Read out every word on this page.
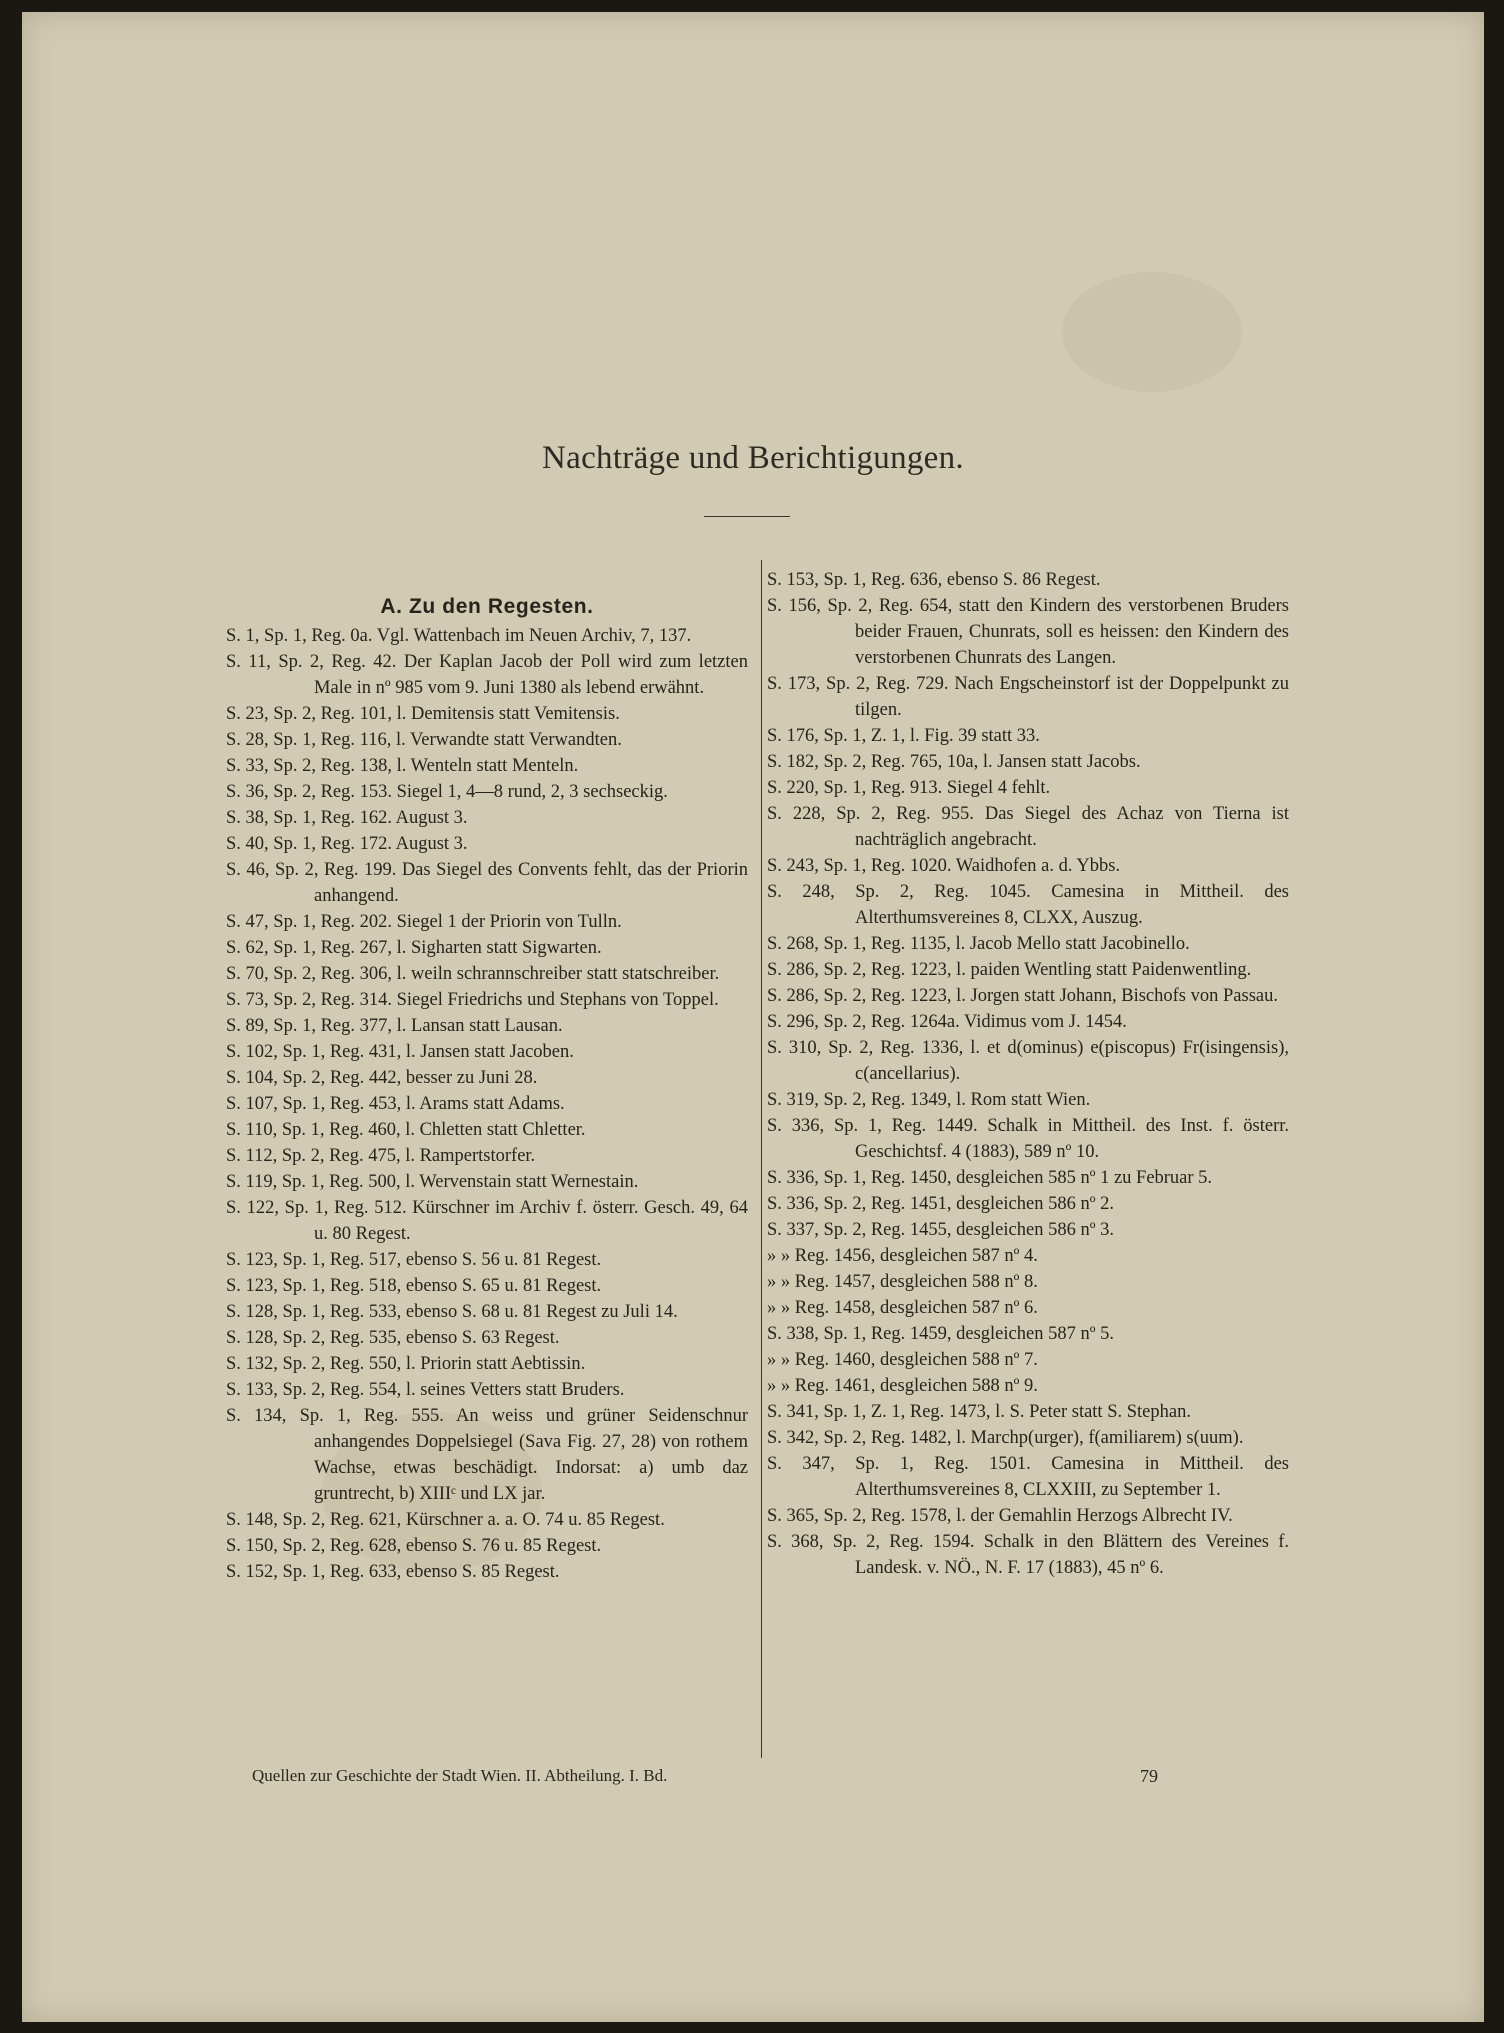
Nachträge und Berichtigungen.
A. Zu den Regesten.

S. 1, Sp. 1, Reg. 0a. Vgl. Wattenbach im Neuen Archiv, 7, 137.

S. 11, Sp. 2, Reg. 42. Der Kaplan Jacob der Poll wird zum letzten Male in nº 985 vom 9. Juni 1380 als lebend erwähnt.

S. 23, Sp. 2, Reg. 101, l. Demitensis statt Vemitensis.

S. 28, Sp. 1, Reg. 116, l. Verwandte statt Verwandten.

S. 33, Sp. 2, Reg. 138, l. Wenteln statt Menteln.

S. 36, Sp. 2, Reg. 153. Siegel 1, 4—8 rund, 2, 3 sechseckig.

S. 38, Sp. 1, Reg. 162. August 3.

S. 40, Sp. 1, Reg. 172. August 3.

S. 46, Sp. 2, Reg. 199. Das Siegel des Convents fehlt, das der Priorin anhangend.

S. 47, Sp. 1, Reg. 202. Siegel 1 der Priorin von Tulln.

S. 62, Sp. 1, Reg. 267, l. Sigharten statt Sigwarten.

S. 70, Sp. 2, Reg. 306, l. weiln schrannschreiber statt statschreiber.

S. 73, Sp. 2, Reg. 314. Siegel Friedrichs und Stephans von Toppel.

S. 89, Sp. 1, Reg. 377, l. Lansan statt Lausan.

S. 102, Sp. 1, Reg. 431, l. Jansen statt Jacoben.

S. 104, Sp. 2, Reg. 442, besser zu Juni 28.

S. 107, Sp. 1, Reg. 453, l. Arams statt Adams.

S. 110, Sp. 1, Reg. 460, l. Chletten statt Chletter.

S. 112, Sp. 2, Reg. 475, l. Rampertstorfer.

S. 119, Sp. 1, Reg. 500, l. Wervenstain statt Wernestain.

S. 122, Sp. 1, Reg. 512. Kürschner im Archiv f. österr. Gesch. 49, 64 u. 80 Regest.

S. 123, Sp. 1, Reg. 517, ebenso S. 56 u. 81 Regest.

S. 123, Sp. 1, Reg. 518, ebenso S. 65 u. 81 Regest.

S. 128, Sp. 1, Reg. 533, ebenso S. 68 u. 81 Regest zu Juli 14.

S. 128, Sp. 2, Reg. 535, ebenso S. 63 Regest.

S. 132, Sp. 2, Reg. 550, l. Priorin statt Aebtissin.

S. 133, Sp. 2, Reg. 554, l. seines Vetters statt Bruders.

S. 134, Sp. 1, Reg. 555. An weiss und grüner Seidenschnur anhangendes Doppelsiegel (Sava Fig. 27, 28) von rothem Wachse, etwas beschädigt. Indorsat: a) umb daz gruntrecht, b) XIIIᶜ und LX jar.

S. 148, Sp. 2, Reg. 621, Kürschner a. a. O. 74 u. 85 Regest.

S. 150, Sp. 2, Reg. 628, ebenso S. 76 u. 85 Regest.

S. 152, Sp. 1, Reg. 633, ebenso S. 85 Regest.

S. 153, Sp. 1, Reg. 636, ebenso S. 86 Regest.

S. 156, Sp. 2, Reg. 654, statt den Kindern des verstorbenen Bruders beider Frauen, Chunrats, soll es heissen: den Kindern des verstorbenen Chunrats des Langen.

S. 173, Sp. 2, Reg. 729. Nach Engscheinstorf ist der Doppelpunkt zu tilgen.

S. 176, Sp. 1, Z. 1, l. Fig. 39 statt 33.

S. 182, Sp. 2, Reg. 765, 10a, l. Jansen statt Jacobs.

S. 220, Sp. 1, Reg. 913. Siegel 4 fehlt.

S. 228, Sp. 2, Reg. 955. Das Siegel des Achaz von Tierna ist nachträglich angebracht.

S. 243, Sp. 1, Reg. 1020. Waidhofen a. d. Ybbs.

S. 248, Sp. 2, Reg. 1045. Camesina in Mittheil. des Alterthumsvereines 8, CLXX, Auszug.

S. 268, Sp. 1, Reg. 1135, l. Jacob Mello statt Jacobinello.

S. 286, Sp. 2, Reg. 1223, l. paiden Wentling statt Paidenwentling.

S. 286, Sp. 2, Reg. 1223, l. Jorgen statt Johann, Bischofs von Passau.

S. 296, Sp. 2, Reg. 1264a. Vidimus vom J. 1454.

S. 310, Sp. 2, Reg. 1336, l. et d(ominus) e(piscopus) Fr(isingensis), c(ancellarius).

S. 319, Sp. 2, Reg. 1349, l. Rom statt Wien.

S. 336, Sp. 1, Reg. 1449. Schalk in Mittheil. des Inst. f. österr. Geschichtsf. 4 (1883), 589 nº 10.

S. 336, Sp. 1, Reg. 1450, desgleichen 585 nº 1 zu Februar 5.

S. 336, Sp. 2, Reg. 1451, desgleichen 586 nº 2.

S. 337, Sp. 2, Reg. 1455, desgleichen 586 nº 3.

» » Reg. 1456, desgleichen 587 nº 4.

» » Reg. 1457, desgleichen 588 nº 8.

» » Reg. 1458, desgleichen 587 nº 6.

S. 338, Sp. 1, Reg. 1459, desgleichen 587 nº 5.

» » Reg. 1460, desgleichen 588 nº 7.

» » Reg. 1461, desgleichen 588 nº 9.

S. 341, Sp. 1, Z. 1, Reg. 1473, l. S. Peter statt S. Stephan.

S. 342, Sp. 2, Reg. 1482, l. Marchp(urger), f(amiliarem) s(uum).

S. 347, Sp. 1, Reg. 1501. Camesina in Mittheil. des Alterthumsvereines 8, CLXXIII, zu September 1.

S. 365, Sp. 2, Reg. 1578, l. der Gemahlin Herzogs Albrecht IV.

S. 368, Sp. 2, Reg. 1594. Schalk in den Blättern des Vereines f. Landesk. v. NÖ., N. F. 17 (1883), 45 nº 6.

Quellen zur Geschichte der Stadt Wien. II. Abtheilung. I. Bd.	79
